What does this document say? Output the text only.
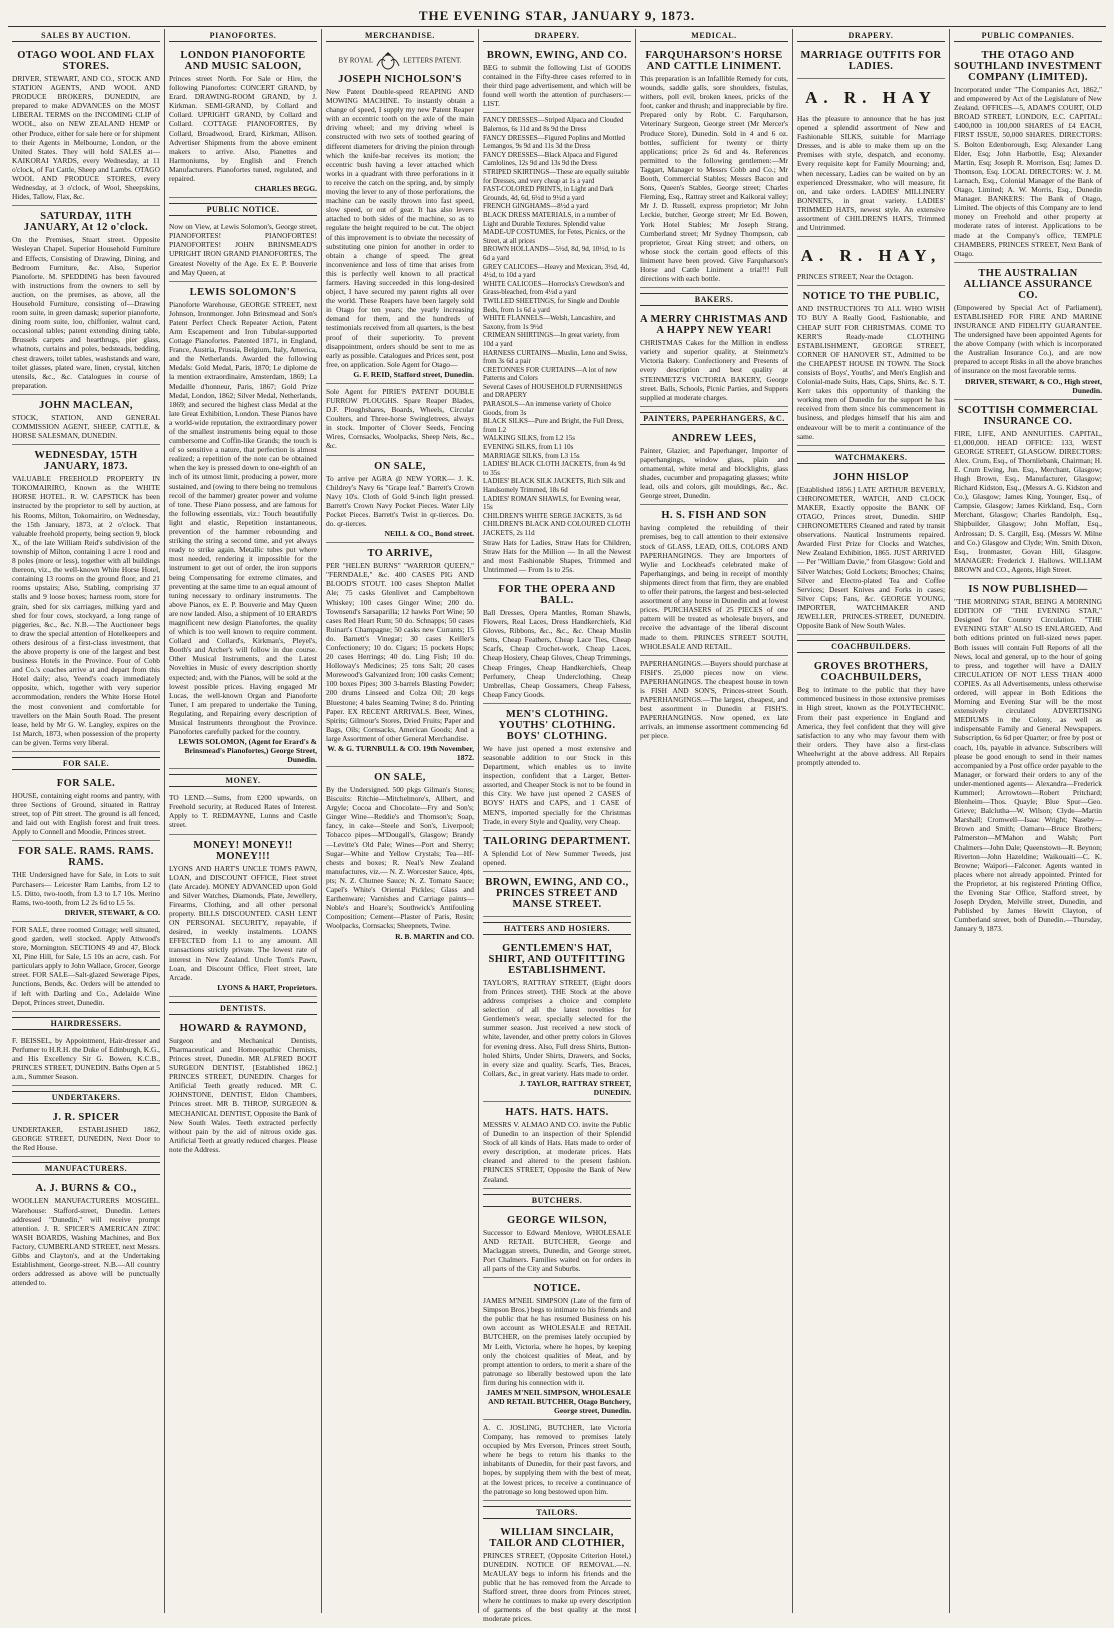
THE EVENING STAR, JANUARY 9, 1873.
SALES BY AUCTION.
OTAGO WOOL AND FLAX STORES.
DRIVER, STEWART, AND CO., STOCK AND STATION AGENTS, AND WOOL AND PRODUCE BROKERS, DUNEDIN, are prepared to make ADVANCES on the MOST LIBERAL TERMS on the INCOMING CLIP of WOOL, also on NEW ZEALAND HEMP or other Produce, either for sale here or for shipment to their Agents in Melbourne, London, or the United States. They will hold SALES at— KAIKORAI YARDS, every Wednesday, at 11 o'clock, of Fat Cattle, Sheep and Lambs. OTAGO WOOL AND PRODUCE STORES, every Wednesday, at 3 o'clock, of Wool, Sheepskins, Hides, Tallow, Flax, &c.
SATURDAY, 11TH JANUARY, At 12 o'clock.
On the Premises, Stuart street. Opposite Wesleyan Chapel. Superior Household Furniture and Effects, Consisting of Drawing, Dining, and Bedroom Furniture, &c. Also, Superior Pianoforte. M. SPEDDING has been favoured with instructions from the owners to sell by auction, on the premises, as above, all the Household Furniture, consisting of—Drawing room suite, in green damask; superior pianoforte, dining room suite, loo, chiffonier, walnut card, occasional tables; patent extending dining table, Brussels carpets and hearthrugs, pier glass, whatnots, curtains and poles, bedsteads, bedding, chest drawers, toilet tables, washstands and ware, toilet glasses, plated ware, linen, crystal, kitchen utensils, &c., &c. Catalogues in course of preparation.
JOHN MACLEAN,
STOCK, STATION, AND GENERAL COMMISSION AGENT, SHEEP, CATTLE, & HORSE SALESMAN, DUNEDIN.
WEDNESDAY, 15TH JANUARY, 1873.
VALUABLE FREEHOLD PROPERTY IN TOKOMAIRIRO, Known as the WHITE HORSE HOTEL. R. W. CAPSTICK has been instructed by the proprietor to sell by auction, at his Rooms, Milton, Tokomairiro, on Wednesday, the 15th January, 1873, at 2 o'clock. That valuable freehold property, being section 9, block X., of the late William Reid's subdivision of the township of Milton, containing 1 acre 1 rood and 8 poles (more or less), together with all buildings thereon, viz., the well-known White Horse Hotel, containing 13 rooms on the ground floor, and 21 rooms upstairs; Also, Stabling, comprising 37 stalls and 9 loose boxes; harness room, store for grain, shed for six carriages, milking yard and shed for four cows, stockyard, a long range of piggeries, &c., &c. N.B.—The Auctioneer begs to draw the special attention of Hotelkeepers and others desirous of a first-class investment, that the above property is one of the largest and best business Hotels in the Province. Four of Cobb and Co.'s coaches arrive at and depart from this Hotel daily; also, Yeend's coach immediately opposite, which, together with very superior accommodation, renders the White Horse Hotel the most convenient and comfortable for travellers on the Main South Road. The present lease, held by Mr G. W. Langley, expires on the 1st March, 1873, when possession of the property can be given. Terms very liberal.
FOR SALE.
FOR SALE.
HOUSE, containing eight rooms and pantry, with three Sections of Ground, situated in Rattray street, top of Pitt street. The ground is all fenced, and laid out with English forest and fruit trees. Apply to Connell and Moodie, Princes street.
FOR SALE. RAMS. RAMS. RAMS.
THE Undersigned have for Sale, in Lots to suit Purchasers— Leicester Ram Lambs, from L2 to L5. Ditto, two-tooth, from L3 to L7 10s. Merino Rams, two-tooth, from L2 2s 6d to L5 5s.
DRIVER, STEWART, & CO.
FOR SALE, three roomed Cottage; well situated, good garden, well stocked. Apply Attwood's store, Mornington. SECTIONS 49 and 47, Block XI, Pine Hill, for Sale, L5 10s an acre, cash. For particulars apply to John Wallace, Grocer, George street. FOR SALE—Salt-glazed Sewerage Pipes, Junctions, Bends, &c. Orders will be attended to if left with Darling and Co., Adelaide Wine Depot, Princes street, Dunedin.
HAIRDRESSERS.
F. BEISSEL, by Appointment, Hair-dresser and Perfumer to H.R.H. the Duke of Edinburgh, K.G., and His Excellency Sir G. Bowen, K.C.B., PRINCES STREET, DUNEDIN. Baths Open at 5 a.m., Summer Season.
UNDERTAKERS.
J. R. SPICER
UNDERTAKER, ESTABLISHED 1862, GEORGE STREET, DUNEDIN, Next Door to the Red House.
MANUFACTURERS.
A. J. BURNS & CO.,
WOOLLEN MANUFACTURERS MOSGIEL. Warehouse: Stafford-street, Dunedin. Letters addressed "Dunedin," will receive prompt attention. J. R. SPICER'S AMERICAN ZINC WASH BOARDS, Washing Machines, and Box Factory, CUMBERLAND STREET, next Messrs. Gibbs and Clayton's, and at the Undertaking Establishment, George-street. N.B.—All country orders addressed as above will be punctually attended to.
PIANOFORTES.
LONDON PIANOFORTE AND MUSIC SALOON,
Princes street North. For Sale or Hire, the following Pianofortes: CONCERT GRAND, by Erard. DRAWING-ROOM GRAND, by J. Kirkman. SEMI-GRAND, by Collard and Collard. UPRIGHT GRAND, by Collard and Collard. COTTAGE PIANOFORTES, By Collard, Broadwood, Erard, Kirkman, Allison. Advertiser Shipments from the above eminent makers to arrive. Also, Pianettes and Harmoniums, by English and French Manufacturers. Pianofortes tuned, regulated, and repaired.
CHARLES BEGG.
PUBLIC NOTICE.
Now on View, at Lewis Solomon's, George street, PIANOFORTES! PIANOFORTES! PIANOFORTES! JOHN BRINSMEAD'S UPRIGHT IRON GRAND PIANOFORTES, The Greatest Novelty of the Age. Ex E. P. Bouverie and May Queen, at
LEWIS SOLOMON'S
Pianoforte Warehouse, GEORGE STREET, next Johnson, Ironmonger. John Brinsmead and Son's Patent Perfect Check Repeater Action, Patent Arm Escapement and Iron Tubular-supported Cottage Pianofortes. Patented 1871, in England, France, Austria, Prussia, Belgium, Italy, America, and the Netherlands. Awarded the following Medals: Gold Medal, Paris, 1870; Le diplome de la mention extraordinaire, Amsterdam, 1869; La Medaille d'honneur, Paris, 1867; Gold Prize Medal, London, 1862; Silver Medal, Netherlands, 1869; and secured the highest class Medal at the late Great Exhibition, London. These Pianos have a world-wide reputation, the extraordinary power of the smallest instruments being equal to those cumbersome and Coffin-like Grands; the touch is of so sensitive a nature, that perfection is almost realized; a repetition of the note can be obtained when the key is pressed down to one-eighth of an inch of its utmost limit, producing a power, more sustained, and (owing to there being no tremulous recoil of the hammer) greater power and volume of tone. These Piano possess, and are famous for the following essentials, viz.: Touch beautifully light and elastic, Repetition instantaneous, prevention of the hammer rebounding and striking the string a second time, and yet always ready to strike again. Metallic tubes put where most needed, rendering it impossible for the instrument to get out of order, the iron supports being Compensating for extreme climates, and preventing at the same time to an equal amount of tuning necessary to ordinary instruments. The above Pianos, ex E. P. Bouverie and May Queen are now landed. Also, a shipment of 10 ERARD'S magnificent new design Pianofortes, the quality of which is too well known to require comment. Collard and Collard's, Kirkman's, Pleyel's, Booth's and Archer's will follow in due course. Other Musical Instruments, and the Latest Novelties in Music of every description shortly expected; and, with the Pianos, will be sold at the lowest possible prices. Having engaged Mr Lucas, the well-known Organ and Pianoforte Tuner, I am prepared to undertake the Tuning, Regulating, and Repairing every description of Musical Instruments throughout the Province. Pianofortes carefully packed for the country.
LEWIS SOLOMON, (Agent for Erard's & Brinsmead's Pianofortes,) George Street, Dunedin.
MONEY.
TO LEND.—Sums, from £200 upwards, on Freehold security, at Reduced Rates of Interest. Apply to T. REDMAYNE, Lunns and Castle street.
MONEY! MONEY!! MONEY!!!
LYONS AND HART'S UNCLE TOM'S PAWN, LOAN, and DISCOUNT OFFICE, Fleet street (late Arcade). MONEY ADVANCED upon Gold and Silver Watches, Diamonds, Plate, Jewellery, Firearms, Clothing, and all other personal property. BILLS DISCOUNTED. CASH LENT ON PERSONAL SECURITY, repayable, if desired, in weekly instalments. LOANS EFFECTED from L1 to any amount. All transactions strictly private. The lowest rate of interest in New Zealand. Uncle Tom's Pawn, Loan, and Discount Office, Fleet street, late Arcade.
LYONS & HART, Proprietors.
DENTISTS.
HOWARD & RAYMOND,
Surgeon and Mechanical Dentists, Pharmaceutical and Homoeopathic Chemists, Princes street, Dunedin. MR ALFRED BOOT SURGEON DENTIST, [Established 1862.] PRINCES STREET, DUNEDIN. Charges for Artificial Teeth greatly reduced. MR C. JOHNSTONE, DENTIST, Eldon Chambers, Princes street. MR B. THROP, SURGEON & MECHANICAL DENTIST, Opposite the Bank of New South Wales. Teeth extracted perfectly without pain by the aid of nitrous oxide gas. Artificial Teeth at greatly reduced charges. Please note the Address.
MERCHANDISE.
BY ROYAL	LETTERS PATENT.
JOSEPH NICHOLSON'S
New Patent Double-speed REAPING AND MOWING MACHINE. To instantly obtain a change of speed, I supply my new Patent Reaper with an eccentric tooth on the axle of the main driving wheel; and my driving wheel is constructed with two sets of toothed gearing of different diameters for driving the pinion through which the knife-bar receives its motion; the eccentric bush having a lever attached which works in a quadrant with three perforations in it to receive the catch on the spring, and, by simply moving the lever to any of those perforations, the machine can be easily thrown into fast speed, slow speed, or out of gear. It has also levers attached to both sides of the machine, so as to regulate the height required to be cut. The object of this improvement is to obviate the necessity of substituting one pinion for another in order to obtain a change of speed. The great inconvenience and loss of time that arises from this is perfectly well known to all practical farmers. Having succeeded in this long-desired object, I have secured my patent rights all over the world. These Reapers have been largely sold in Otago for ten years; the yearly increasing demand for them, and the hundreds of testimonials received from all quarters, is the best proof of their superiority. To prevent disappointment, orders should be sent to me as early as possible. Catalogues and Prices sent, post free, on application. Sole Agent for Otago—
G. F. REID, Stafford street, Dunedin.
Sole Agent for PIRIE'S PATENT DOUBLE FURROW PLOUGHS. Spare Reaper Blades, D.F. Ploughshares, Boards, Wheels, Circular Coulters, and Three-horse Swingletrees, always in stock. Importer of Clover Seeds, Fencing Wires, Cornsacks, Woolpacks, Sheep Nets, &c., &c.
ON SALE,
To arrive per AGRA @ NEW YORK— J. K. Childrey's Navy 6s "Grape leaf." Barrett's Crown Navy 10's. Cloth of Gold 9-inch light pressed. Barrett's Crown Navy Pocket Pieces. Water Lily Pocket Pieces. Barrett's Twist in qr-tierces. Do. do. qr-tierces.
NEILL & CO., Bond street.
TO ARRIVE,
PER "HELEN BURNS" "WARRIOR QUEEN," "FERNDALE," &c. 400 CASES PIG AND BLOOD'S STOUT. 100 cases Shepton Mallet Ale; 75 casks Glenlivet and Campbeltown Whiskey; 100 cases Ginger Wine; 200 do. Townsend's Sarsaparilla; 12 hawks Port Wine; 50 cases Red Heart Rum; 50 do. Schnapps; 50 cases Ruinart's Champagne; 50 casks new Currants; 15 do. Barnett's Vinegar; 30 cases Keiller's Confectionery; 10 do. Cigars; 15 pockets Hops; 20 cases Herrings; 40 do. Ling Fish; 10 do. Holloway's Medicines; 25 tons Salt; 20 cases Morewood's Galvanized Iron; 100 casks Cement; 100 boxes Pipes; 300 3-barrels Blasting Powder; 200 drums Linseed and Colza Oil; 20 kegs Bluestone; 4 bales Seaming Twine; 8 do. Printing Paper. EX RECENT ARRIVALS. Beer, Wines, Spirits; Gilmour's Stores, Dried Fruits; Paper and Bags, Oils; Cornsacks, American Goods; And a large Assortment of other General Merchandise.
W. & G. TURNBULL & CO. 19th November, 1872.
ON SALE,
By the Undersigned. 500 pkgs Gilman's Stores; Biscuits: Ritchie—Mitchelmore's, Allbert, and Argyle; Cocoa and Chocolate—Fry and Son's; Ginger Wine—Reddie's and Thomson's; Soap, fancy, in cake—Steele and Son's, Liverpool; Tobacco pipes—M'Dougall's, Glasgow; Brandy—Levitte's Old Pale; Wines—Port and Sherry; Sugar—White and Yellow Crystals; Tea—Hf-chests and boxes; R. Neal's New Zealand manufactures, viz.— N. Z. Worcester Sauce, 4pts, pts; N. Z. Chutnee Sauce; N. Z. Tomato Sauce; Capel's White's Oriental Pickles; Glass and Earthenware; Varnishes and Carriage paints—Noble's and Hoare's; Southwick's Antifouling Composition; Cement—Plaster of Paris, Resin; Woolpacks, Cornsacks; Sheepnets, Twine.
R. B. MARTIN and CO.
DRAPERY.
BROWN, EWING, AND CO.
BEG to submit the following List of GOODS contained in the Fifty-three cases referred to in their third page advertisement, and which will be found well worth the attention of purchasers:— LIST.
FANCY DRESSES—Striped Alpaca and Clouded Balernos, 6s 11d and 8s 9d the Dress
FANCY DRESSES—Figured Poplins and Mottled Lemangos, 9s 9d and 11s 3d the Dress
FANCY DRESSES—Black Alpaca and Figured Camlolines, 12s 9d and 13s 9d the Dress
STRIPED SKIRTINGS—These are equally suitable for Dresses, and very cheap at 1s a yard
FAST-COLORED PRINTS, in Light and Dark Grounds, 4d, 6d, 6½d to 9½d a yard
FRENCH GINGHAMS—8½d a yard
BLACK DRESS MATERIALS, in a number of Light and Durable Textures. Splendid value
MADE-UP COSTUMES, for Fetes, Picnics, or the Street, at all prices
BROWN HOLLANDS—5½d, 8d, 9d, 10½d, to 1s 6d a yard
GREY CALICOES—Heavy and Mexican, 3½d, 4d, 4½d, to 10d a yard
WHITE CALICOES—Horrocks's Crewdson's and Grass-bleached, from 4½d a yard
TWILLED SHEETINGS, for Single and Double Beds, from 1s 6d a yard
WHITE FLANNELS—Welsh, Lancashire, and Saxony, from 1s 9½d
CRIMEAN SHIRTINGS—In great variety, from 10d a yard
HARNESS CURTAINS—Muslin, Leno and Swiss, from 3s 6d a pair
CRETONNES FOR CURTAINS—A lot of new Patterns and Colors
Several Cases of HOUSEHOLD FURNISHINGS and DRAPERY
PARASOLS—An immense variety of Choice Goods, from 3s
BLACK SILKS—Pure and Bright, the Full Dress, from L2
WALKING SILKS, from L2 15s
EVENING SILKS, from L1 10s
MARRIAGE SILKS, from L3 15s
LADIES' BLACK CLOTH JACKETS, from 4s 9d to 35s
LADIES' BLACK SILK JACKETS, Rich Silk and Handsomely Trimmed, 18s 6d
LADIES' ROMAN SHAWLS, for Evening wear, 15s
CHILDREN'S WHITE SERGE JACKETS, 3s 6d
CHILDREN'S BLACK AND COLOURED CLOTH JACKETS, 2s 11d
Straw Hats for Ladies, Straw Hats for Children, Straw Hats for the Million — In all the Newest and most Fashionable Shapes, Trimmed and Untrimmed — From 1s to 25s.
FOR THE OPERA AND BALL.
Ball Dresses, Opera Mantles, Roman Shawls, Flowers, Real Laces, Dress Handkerchiefs, Kid Gloves, Ribbons, &c., &c., &c. Cheap Muslin Setts, Cheap Feathers, Cheap Lace Ties, Cheap Scarfs, Cheap Crochet-work, Cheap Laces, Cheap Hosiery, Cheap Gloves, Cheap Trimmings, Cheap Fringes, Cheap Handkerchiefs, Cheap Perfumery, Cheap Underclothing, Cheap Umbrellas, Cheap Gossamers, Cheap Falsess, Cheap Fancy Goods.
MEN'S CLOTHING. YOUTHS' CLOTHING. BOYS' CLOTHING.
We have just opened a most extensive and seasonable addition to our Stock in this Department, which enables us to invite inspection, confident that a Larger, Better-assorted, and Cheaper Stock is not to be found in this City. We have just opened 2 CASES of BOYS' HATS and CAPS, and 1 CASE of MEN'S, imported specially for the Christmas Trade, in every Style and Quality, very Cheap.
TAILORING DEPARTMENT.
A Splendid Lot of New Summer Tweeds, just opened.
BROWN, EWING, AND CO., PRINCES STREET AND MANSE STREET.
HATTERS AND HOSIERS.
GENTLEMEN'S HAT, SHIRT, AND OUTFITTING ESTABLISHMENT.
TAYLOR'S, RATTRAY STREET, (Eight doors from Princes street). THE Stock at the above address comprises a choice and complete selection of all the latest novelties for Gentlemen's wear, specially selected for the summer season. Just received a new stock of white, lavender, and other pretty colors in Gloves for evening dress. Also, Full dress Shirts, Button-holed Shirts, Under Shirts, Drawers, and Socks, in every size and quality. Scarfs, Ties, Braces, Collars, &c., in great variety. Hats made to order.
J. TAYLOR, RATTRAY STREET, DUNEDIN.
HATS. HATS. HATS.
MESSRS V. ALMAO AND CO. invite the Public of Dunedin to an inspection of their Splendid Stock of all kinds of Hats. Hats made to order of every description, at moderate prices. Hats cleaned and altered to the present fashion. PRINCES STREET, Opposite the Bank of New Zealand.
BUTCHERS.
GEORGE WILSON,
Successor to Edward Menlove, WHOLESALE AND RETAIL BUTCHER, George and Maclaggan streets, Dunedin, and George street, Port Chalmers. Families waited on for orders in all parts of the City and Suburbs.
NOTICE.
JAMES M'NEIL SIMPSON (Late of the firm of Simpson Bros.) begs to intimate to his friends and the public that he has resumed Business on his own account as WHOLESALE and RETAIL BUTCHER, on the premises lately occupied by Mr Leith, Victoria, where he hopes, by keeping only the choicest qualities of Meat, and by prompt attention to orders, to merit a share of the patronage so liberally bestowed upon the late firm during his connection with it.
JAMES M'NEIL SIMPSON, WHOLESALE AND RETAIL BUTCHER, Otago Butchery, George street, Dunedin.
A. C. JOSLING, BUTCHER, late Victoria Company, has removed to premises lately occupied by Mrs Everson, Princes street South, where he begs to return his thanks to the inhabitants of Dunedin, for their past favors, and hopes, by supplying them with the best of meat, at the lowest prices, to receive a continuance of the patronage so long bestowed upon him.
TAILORS.
WILLIAM SINCLAIR, TAILOR AND CLOTHIER,
PRINCES STREET, (Opposite Criterion Hotel,) DUNEDIN. NOTICE OF REMOVAL.—N. McAULAY begs to inform his friends and the public that he has removed from the Arcade to Stafford street, three doors from Princes street, where he continues to make up every description of garments of the best quality at the most moderate prices.
MEDICAL.
FARQUHARSON'S HORSE AND CATTLE LINIMENT.
This preparation is an Infallible Remedy for cuts, wounds, saddle galls, sore shoulders, fistulas, withers, poll evil, broken knees, pricks of the foot, canker and thrush; and inappreciable by fire. Prepared only by Robt. C. Farquharson, Veterinary Surgeon, George street (Mr Mercer's Produce Store), Dunedin. Sold in 4 and 6 oz. bottles, sufficient for twenty or thirty applications; price 2s 6d and 4s. References permitted to the following gentlemen:—Mr Taggart, Manager to Messrs Cobb and Co.; Mr Booth, Commercial Stables; Messrs Bacon and Sons, Queen's Stables, George street; Charles Fleming, Esq., Rattray street and Kaikorai valley; Mr J. D. Russell, express proprietor; Mr John Leckie, butcher, George street; Mr Ed. Bowen, York Hotel Stables; Mr Joseph Strang, Cumberland street; Mr Sydney Thompson, cab proprietor, Great King street; and others, on whose stock the certain good effects of this liniment have been proved. Give Farquharson's Horse and Cattle Liniment a trial!!! Full directions with each bottle.
BAKERS.
A MERRY CHRISTMAS AND A HAPPY NEW YEAR!
CHRISTMAS Cakes for the Million in endless variety and superior quality, at Steinmetz's Victoria Bakery. Confectionery and Presents of every description and best quality at STEINMETZ'S VICTORIA BAKERY, George street. Balls, Schools, Picnic Parties, and Suppers supplied at moderate charges.
PAINTERS, PAPERHANGERS, &C.
ANDREW LEES,
Painter, Glazier, and Paperhanger, Importer of paperhangings, window glass, plain and ornamental, white metal and blocklights, glass shades, cucumber and propagating glasses; white lead, oils and colors, gilt mouldings, &c., &c. George street, Dunedin.
H. S. FISH AND SON
having completed the rebuilding of their premises, beg to call attention to their extensive stock of GLASS, LEAD, OILS, COLORS AND PAPERHANGINGS. They are Importers of Wylie and Lockhead's celebrated make of Paperhangings, and being in receipt of monthly shipments direct from that firm, they are enabled to offer their patrons, the largest and best-selected assortment of any house in Dunedin and at lowest prices. PURCHASERS of 25 PIECES of one pattern will be treated as wholesale buyers, and receive the advantage of the liberal discount made to them. PRINCES STREET SOUTH, WHOLESALE AND RETAIL.
PAPERHANGINGS.—Buyers should purchase at FISH'S. 25,000 pieces now on view. PAPERHANGINGS. The cheapest house in town is FISH AND SON'S, Princes-street South. PAPERHANGINGS.—The largest, cheapest, and best assortment in Dunedin at FISH'S. PAPERHANGINGS. Now opened, ex late arrivals, an immense assortment commencing 6d per piece.
DRAPERY.
MARRIAGE OUTFITS FOR LADIES.
A. R. HAY
Has the pleasure to announce that he has just opened a splendid assortment of New and Fashionable SILKS, suitable for Marriage Dresses, and is able to make them up on the Premises with style, despatch, and economy. Every requisite kept for Family Mourning; and, when necessary, Ladies can be waited on by an experienced Dressmaker, who will measure, fit on, and take orders. LADIES' MILLINERY BONNETS, in great variety. LADIES' TRIMMED HATS, newest style. An extensive assortment of CHILDREN'S HATS, Trimmed and Untrimmed.
A. R. HAY,
PRINCES STREET, Near the Octagon.
NOTICE TO THE PUBLIC,
AND INSTRUCTIONS TO ALL WHO WISH TO BUY A Really Good, Fashionable, and CHEAP SUIT FOR CHRISTMAS. COME TO KERR'S Ready-made CLOTHING ESTABLISHMENT, GEORGE STREET, CORNER OF HANOVER ST., Admitted to be the CHEAPEST HOUSE IN TOWN. The Stock consists of Boys', Youths', and Men's English and Colonial-made Suits, Hats, Caps, Shirts, &c. S. T. Kerr takes this opportunity of thanking the working men of Dunedin for the support he has received from them since his commencement in business, and pledges himself that his aim and endeavour will be to merit a continuance of the same.
WATCHMAKERS.
JOHN HISLOP
[Established 1856.] LATE ARTHUR BEVERLY, CHRONOMETER, WATCH, AND CLOCK MAKER, Exactly opposite the BANK OF OTAGO, Princes street, Dunedin. SHIP CHRONOMETERS Cleaned and rated by transit observations. Nautical Instruments repaired. Awarded First Prize for Clocks and Watches, New Zealand Exhibition, 1865. JUST ARRIVED— Per "William Davie," from Glasgow: Gold and Silver Watches; Gold Lockets; Brooches; Chains; Silver and Electro-plated Tea and Coffee Services; Desert Knives and Forks in cases; Silver Cups; Fans, &c. GEORGE YOUNG, IMPORTER, WATCHMAKER AND JEWELLER, PRINCES-STREET, DUNEDIN. Opposite Bank of New South Wales.
COACHBUILDERS.
GROVES BROTHERS, COACHBUILDERS,
Beg to intimate to the public that they have commenced business in those extensive premises in High street, known as the POLYTECHNIC. From their past experience in England and America, they feel confident that they will give satisfaction to any who may favour them with their orders. They have also a first-class Wheelwright at the above address. All Repairs promptly attended to.
PUBLIC COMPANIES.
THE OTAGO AND SOUTHLAND INVESTMENT COMPANY (LIMITED).
Incorporated under "The Companies Act, 1862," and empowered by Act of the Legislature of New Zealand. OFFICES—5, ADAM'S COURT, OLD BROAD STREET, LONDON, E.C. CAPITAL: £400,000 in 100,000 SHARES of £4 EACH, FIRST ISSUE, 50,000 SHARES. DIRECTORS: S. Bolton Edenborough, Esq; Alexander Lang Elder, Esq; John Harbottle, Esq; Alexander Martin, Esq; Joseph R. Morrison, Esq; James D. Thomson, Esq. LOCAL DIRECTORS: W. J. M. Larnach, Esq., Colonial Manager of the Bank of Otago, Limited; A. W. Morris, Esq., Dunedin Manager. BANKERS: The Bank of Otago, Limited. The objects of this Company are to lend money on Freehold and other property at moderate rates of interest. Applications to be made at the Company's office, TEMPLE CHAMBERS, PRINCES STREET, Next Bank of Otago.
THE AUSTRALIAN ALLIANCE ASSURANCE CO.
(Empowered by Special Act of Parliament), ESTABLISHED FOR FIRE AND MARINE INSURANCE AND FIDELITY GUARANTEE. The undersigned have been appointed Agents for the above Company (with which is incorporated the Australian Insurance Co.), and are now prepared to accept Risks in all the above branches of insurance on the most favorable terms.
DRIVER, STEWART, & CO., High street, Dunedin.
SCOTTISH COMMERCIAL INSURANCE CO.
FIRE, LIFE, AND ANNUITIES. CAPITAL, £1,000,000. HEAD OFFICE: 133, WEST GEORGE STREET, GLASGOW. DIRECTORS: Alex. Crum, Esq., of Thornliebank, Chairman; H. E. Crum Ewing, Jun. Esq., Merchant, Glasgow; Hugh Brown, Esq., Manufacturer, Glasgow; Richard Kidston, Esq., (Messrs A. G. Kidston and Co.), Glasgow; James King, Younger, Esq., of Campsie, Glasgow; James Kirkland, Esq., Corn Merchant, Glasgow; Charles Randolph, Esq., Shipbuilder, Glasgow; John Moffatt, Esq., Ardrossan; D. S. Cargill, Esq. (Messrs W. Milne and Co.) Glasgow and Clyde; Wm. Smith Dixon, Esq., Ironmaster, Govan Hill, Glasgow. MANAGER: Frederick J. Hallows. WILLIAM BROWN and CO., Agents, High Street.
IS NOW PUBLISHED—
"THE MORNING STAR, BEING A MORNING EDITION OF "THE EVENING STAR," Designed for Country Circulation. "THE EVENING STAR" ALSO IS ENLARGED, And both editions printed on full-sized news paper. Both issues will contain Full Reports of all the News, local and general, up to the hour of going to press, and together will have a DAILY CIRCULATION OF NOT LESS THAN 4000 COPIES. As all Advertisements, unless otherwise ordered, will appear in Both Editions the Morning and Evening Star will be the most extensively circulated ADVERTISING MEDIUMS in the Colony, as well as indispensable Family and General Newspapers. Subscription, 6s 6d per Quarter; or free by post or coach, 10s, payable in advance. Subscribers will please be good enough to send in their names accompanied by a Post office order payable to the Manager, or forward their orders to any of the under-mentioned agents— Alexandra—Frederick Kummerl; Arrowtown—Robert Pritchard; Blenheim—Thos. Quayle; Blue Spur—Geo. Grieve; Balclutha—W. Wilson; Clyde—Martin Marshall; Cromwell—Isaac Wright; Naseby—Brown and Smith; Oamaru—Bruce Brothers; Palmerston—M'Mahon and Walsh; Port Chalmers—John Dale; Queenstown—R. Beynon; Riverton—John Hazeldine; Waikouaiti—C. K. Browne; Waipori—Falconer. Agents wanted in places where not already appointed. Printed for the Proprietor, at his registered Printing Office, the Evening Star Office, Stafford street, by Joseph Dryden, Melville street, Dunedin, and Published by James Hewitt Clayton, of Cumberland street, both of Dunedin.—Thursday, January 9, 1873.
